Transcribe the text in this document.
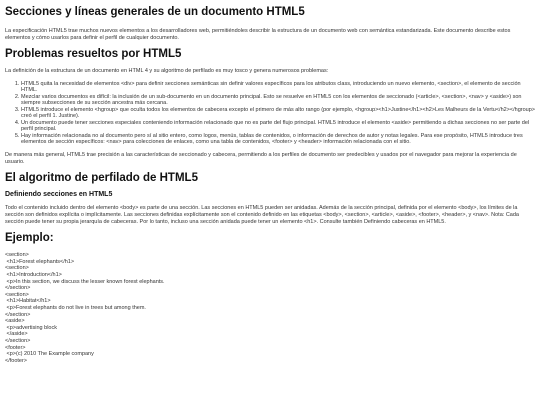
Secciones y líneas generales de un documento HTML5

La especificación HTML5 trae muchos nuevos elementos a los desarrolladores web, permitiéndoles describir la estructura de un documento web con semántica estandarizada. Este documento describe estos elementos y cómo usarlos para definir el perfil de cualquier documento.

Problemas resueltos por HTML5

La definición de la estructura de un documento en HTML 4 y su algoritmo de perfilado es muy tosco y genera numerosos problemas:

1. HTML5 quita la necesidad de elementos <div> para definir secciones semánticas sin definir valores específicos para los atributos class, introduciendo un nuevo elemento, <section>, el elemento de sección HTML.
2. Mezclar varios documentos es difícil: la inclusión de un sub-documento en un documento principal. Esto se resuelve en HTML5 con los elementos de seccionado (<article>, <section>, <nav> y <aside>) son siempre subsecciones de su sección ancestra más cercana.
3. HTML5 introduce el elemento <hgroup> que oculta todos los elementos de cabecera excepto el primero de más alto rango (por ejemplo, <hgroup><h1>Justine</h1><h2>Les Malheurs de la Vertu</h2></hgroup> creó el perfil 1. Justine).
4. Un documento puede tener secciones especiales conteniendo información relacionado que no es parte del flujo principal. HTML5 introduce el elemento <aside> permitiendo a dichas secciones no ser parte del perfil principal.
5. Hay información relacionada no al documento pero sí al sitio entero, como logos, menús, tablas de contenidos, o información de derechos de autor y notas legales. Para ese propósito, HTML5 introduce tres elementos de sección específicos: <nav> para colecciones de enlaces, como una tabla de contenidos, <footer> y <header> información relacionada con el sitio.

De manera más general, HTML5 trae precisión a las características de seccionado y cabecera, permitiendo a los perfiles de documento ser predecibles y usados por el navegador para mejorar la experiencia de usuario.

El algoritmo de perfilado de HTML5
Definiendo secciones en HTML5

Todo el contenido incluido dentro del elemento <body> es parte de una sección. Las secciones en HTML5 pueden ser anidadas. Además de la sección principal, definida por el elemento <body>, los límites de la sección son definidos explícita o implícitamente. Las secciones definidas explícitamente son el contenido definido en las etiquetas <body>, <section>, <article>, <aside>, <footer>, <header>, y <nav>. Nota: Cada sección puede tener su propia jerarquía de cabeceras. Por lo tanto, incluso una sección anidada puede tener un elemento <h1>. Consulte también Definiendo cabeceras en HTML5.

Ejemplo:
<section>
<h1>Forest elephants</h1>
<section>
<h1>Introduction</h1>
<p>In this section, we discuss the lesser known forest elephants.
</section>
<section>
<h1>Habitat</h1>
<p>Forest elephants do not live in trees but among them.
</section>
<aside>
<p>advertising block
</aside>
</section>
<footer>
<p>(c) 2010 The Example company
</footer>
